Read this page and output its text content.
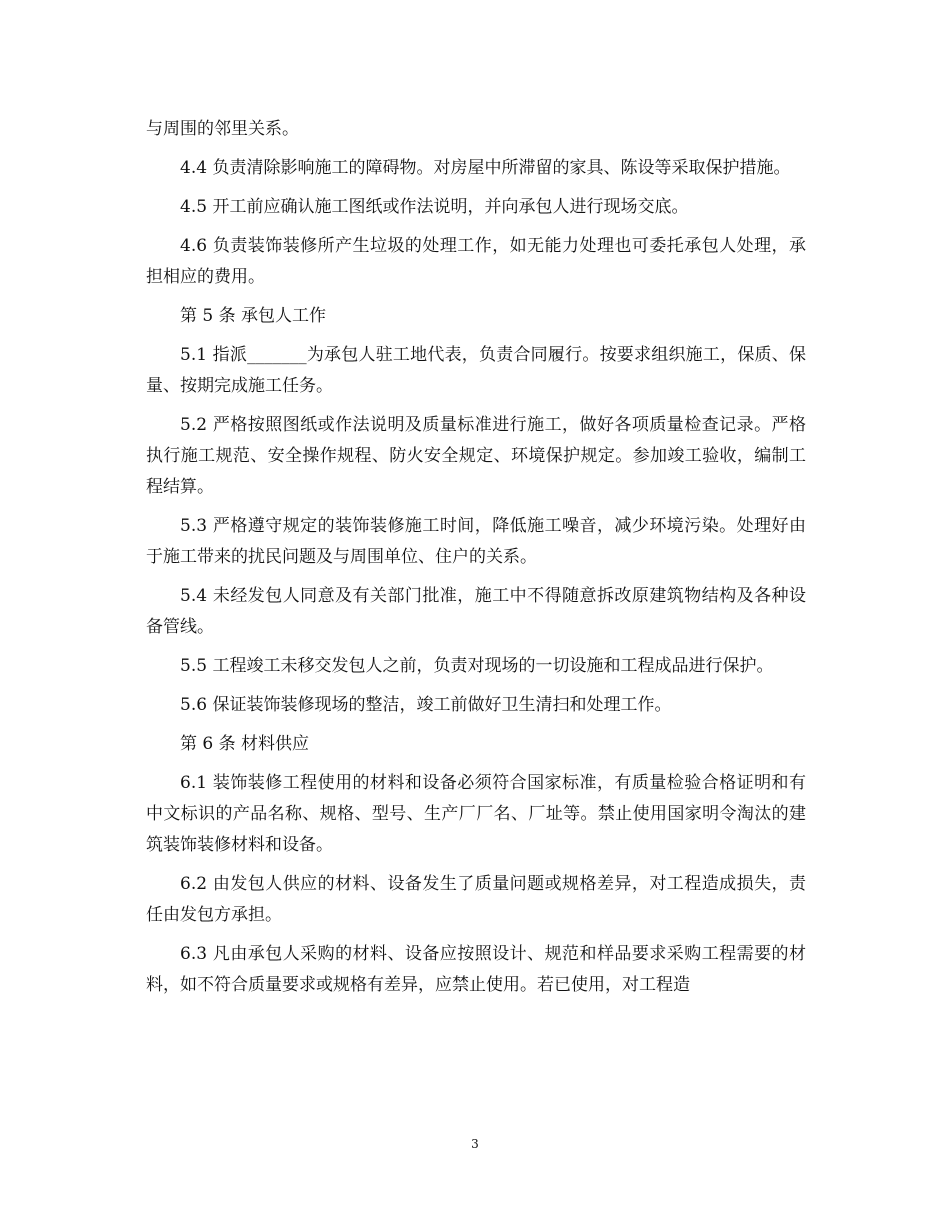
与周围的邻里关系。

4.4 负责清除影响施工的障碍物。对房屋中所滞留的家具、陈设等采取保护措施。

4.5 开工前应确认施工图纸或作法说明，并向承包人进行现场交底。

4.6 负责装饰装修所产生垃圾的处理工作，如无能力处理也可委托承包人处理，承担相应的费用。

第 5 条 承包人工作

5.1 指派_______为承包人驻工地代表，负责合同履行。按要求组织施工，保质、保量、按期完成施工任务。

5.2 严格按照图纸或作法说明及质量标准进行施工，做好各项质量检查记录。严格执行施工规范、安全操作规程、防火安全规定、环境保护规定。参加竣工验收，编制工程结算。

5.3 严格遵守规定的装饰装修施工时间，降低施工噪音，减少环境污染。处理好由于施工带来的扰民问题及与周围单位、住户的关系。

5.4 未经发包人同意及有关部门批准，施工中不得随意拆改原建筑物结构及各种设备管线。

5.5 工程竣工未移交发包人之前，负责对现场的一切设施和工程成品进行保护。

5.6 保证装饰装修现场的整洁，竣工前做好卫生清扫和处理工作。

第 6 条 材料供应

6.1 装饰装修工程使用的材料和设备必须符合国家标准，有质量检验合格证明和有中文标识的产品名称、规格、型号、生产厂厂名、厂址等。禁止使用国家明令淘汰的建筑装饰装修材料和设备。

6.2 由发包人供应的材料、设备发生了质量问题或规格差异，对工程造成损失，责任由发包方承担。

6.3 凡由承包人采购的材料、设备应按照设计、规范和样品要求采购工程需要的材料，如不符合质量要求或规格有差异，应禁止使用。若已使用，对工程造

3
